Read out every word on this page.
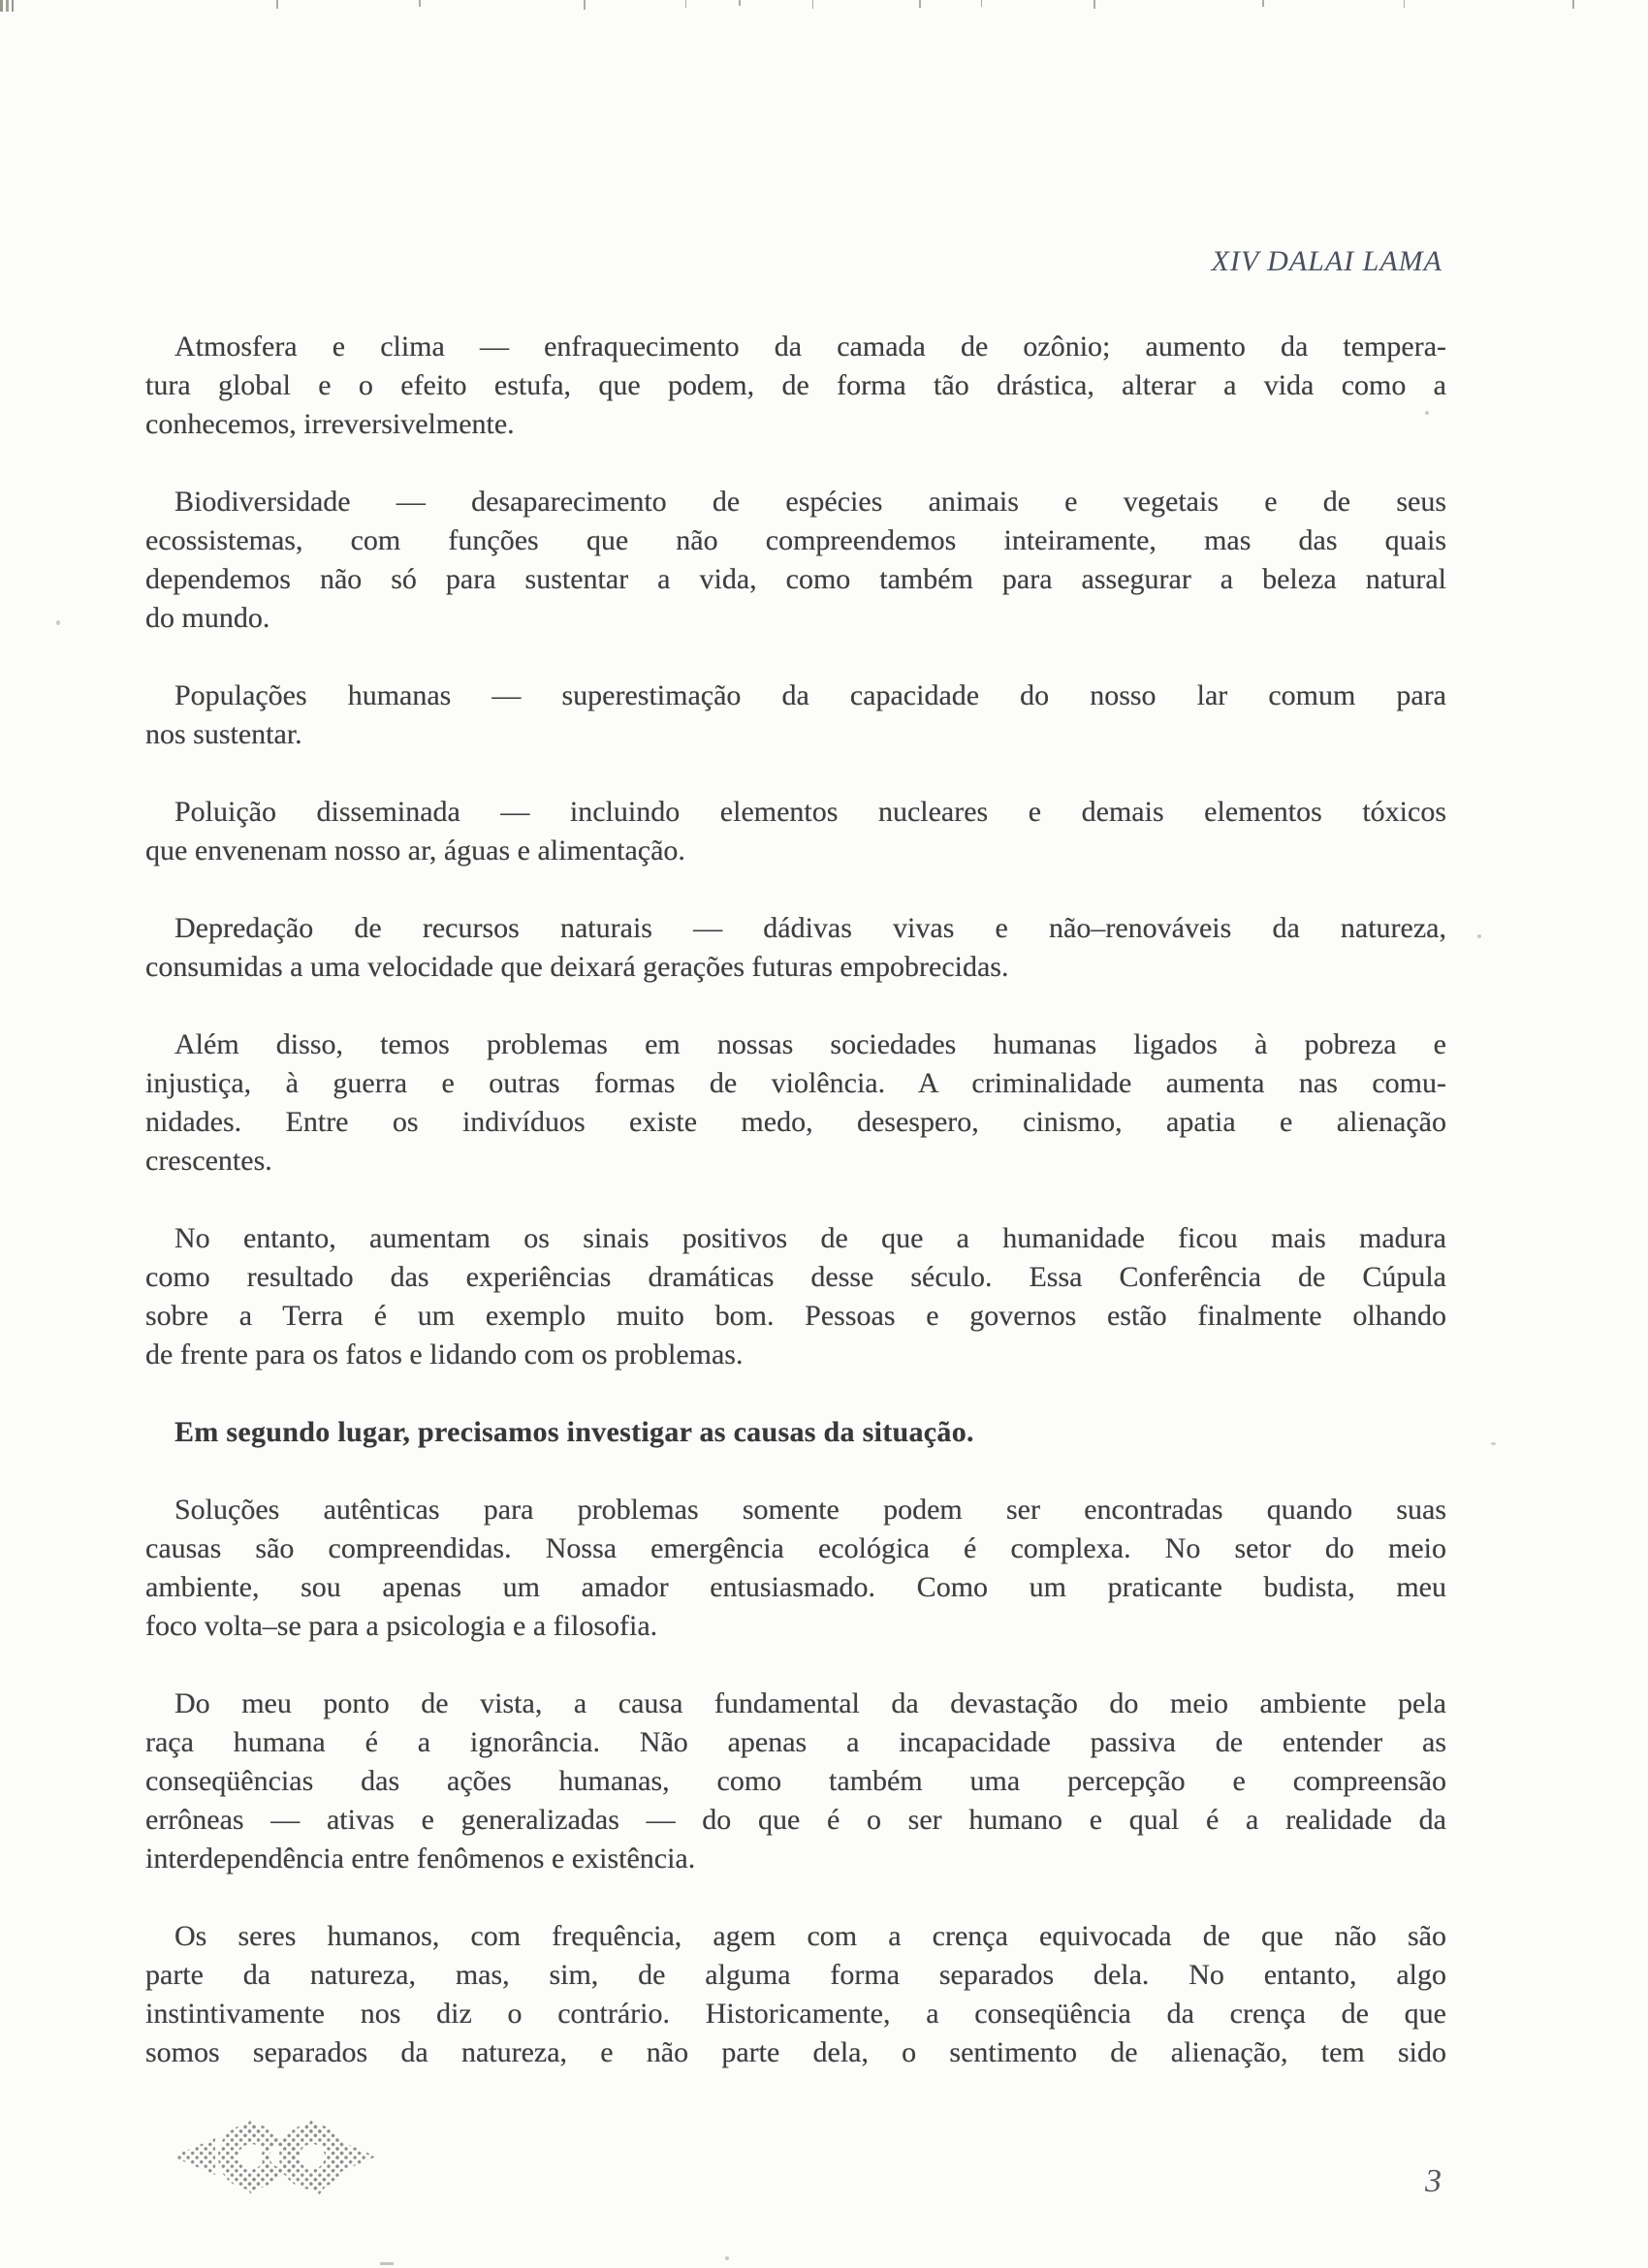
XIV DALAI LAMA
Atmosfera e clima — enfraquecimento da camada de ozônio; aumento da tempera-
tura global e o efeito estufa, que podem, de forma tão drástica, alterar a vida como a
conhecemos, irreversivelmente.
Biodiversidade — desaparecimento de espécies animais e vegetais e de seus
ecossistemas, com funções que não compreendemos inteiramente, mas das quais
dependemos não só para sustentar a vida, como também para assegurar a beleza natural
do mundo.
Populações humanas — superestimação da capacidade do nosso lar comum para
nos sustentar.
Poluição disseminada — incluindo elementos nucleares e demais elementos tóxicos
que envenenam nosso ar, águas e alimentação.
Depredação de recursos naturais — dádivas vivas e não–renováveis da natureza,
consumidas a uma velocidade que deixará gerações futuras empobrecidas.
Além disso, temos problemas em nossas sociedades humanas ligados à pobreza e
injustiça, à guerra e outras formas de violência. A criminalidade aumenta nas comu-
nidades. Entre os indivíduos existe medo, desespero, cinismo, apatia e alienação
crescentes.
No entanto, aumentam os sinais positivos de que a humanidade ficou mais madura
como resultado das experiências dramáticas desse século. Essa Conferência de Cúpula
sobre a Terra é um exemplo muito bom. Pessoas e governos estão finalmente olhando
de frente para os fatos e lidando com os problemas.
Em segundo lugar, precisamos investigar as causas da situação.
Soluções autênticas para problemas somente podem ser encontradas quando suas
causas são compreendidas. Nossa emergência ecológica é complexa. No setor do meio
ambiente, sou apenas um amador entusiasmado. Como um praticante budista, meu
foco volta–se para a psicologia e a filosofia.
Do meu ponto de vista, a causa fundamental da devastação do meio ambiente pela
raça humana é a ignorância. Não apenas a incapacidade passiva de entender as
conseqüências das ações humanas, como também uma percepção e compreensão
errôneas — ativas e generalizadas — do que é o ser humano e qual é a realidade da
interdependência entre fenômenos e existência.
Os seres humanos, com frequência, agem com a crença equivocada de que não são
parte da natureza, mas, sim, de alguma forma separados dela. No entanto, algo
instintivamente nos diz o contrário. Historicamente, a conseqüência da crença de que
somos separados da natureza, e não parte dela, o sentimento de alienação, tem sido
3
